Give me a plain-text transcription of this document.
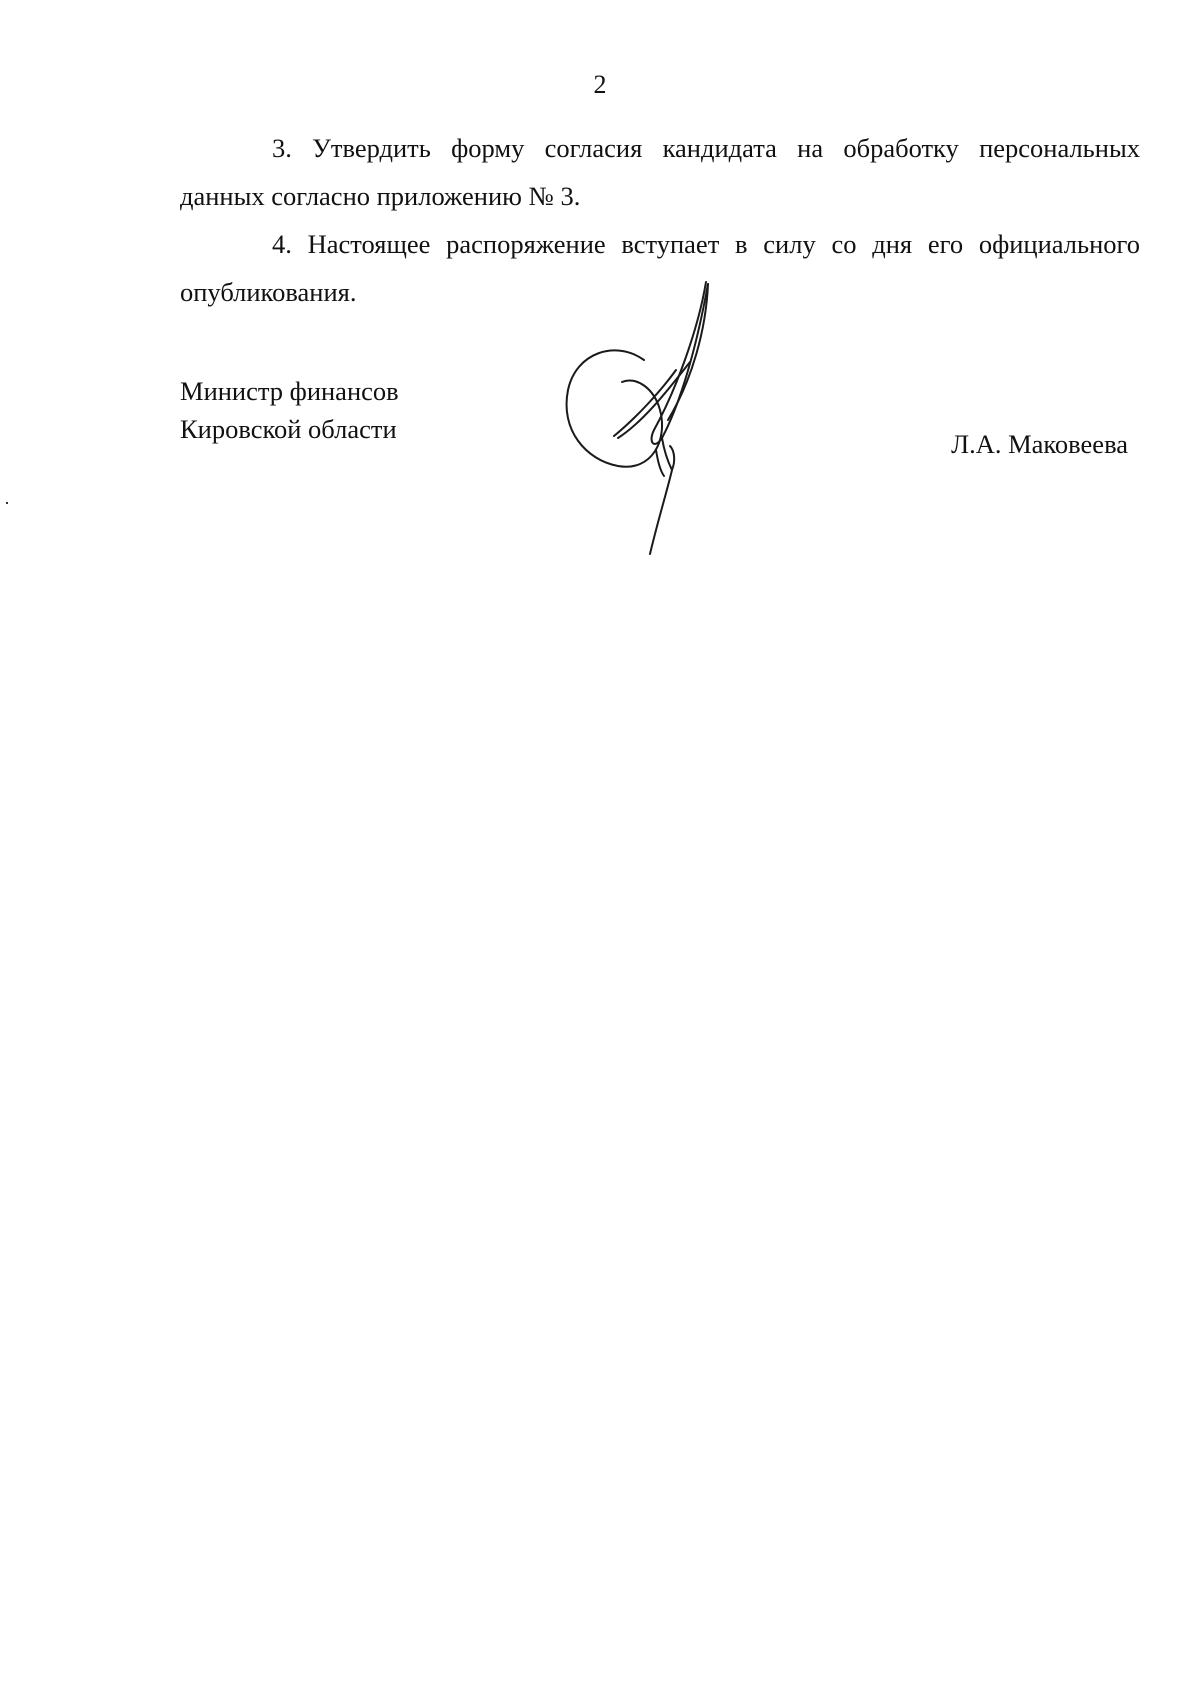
2
3. Утвердить форму согласия кандидата на обработку персональных
данных согласно приложению № 3.
4. Настоящее распоряжение вступает в силу со дня его официального
опубликования.
Министр финансов
Кировской области	Л.А. Маковеева
